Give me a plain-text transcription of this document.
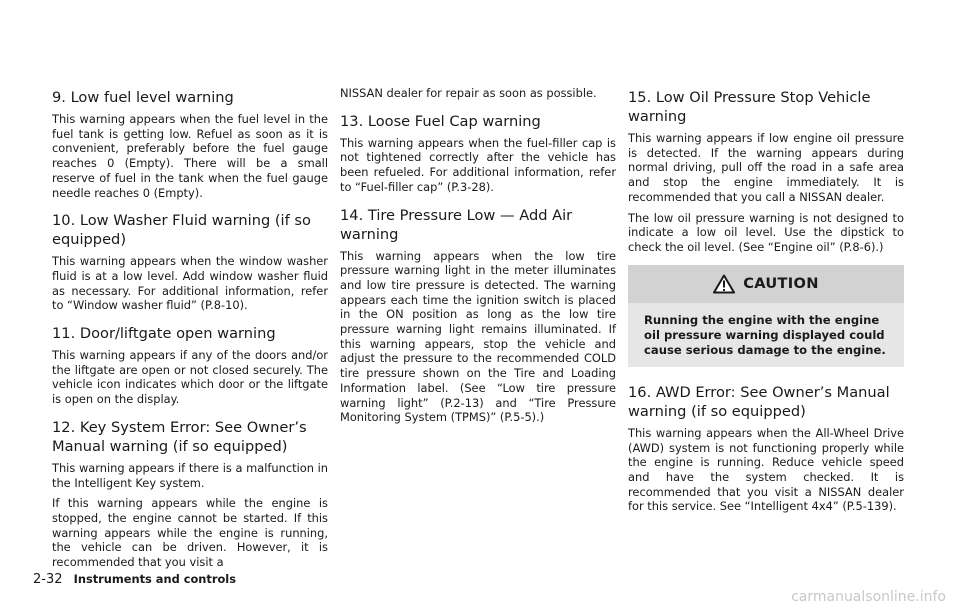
9. Low fuel level warning

This warning appears when the fuel level in the fuel tank is getting low. Refuel as soon as it is convenient, preferably before the fuel gauge reaches 0 (Empty). There will be a small reserve of fuel in the tank when the fuel gauge needle reaches 0 (Empty).

10. Low Washer Fluid warning (if so equipped)

This warning appears when the window washer fluid is at a low level. Add window washer fluid as necessary. For additional information, refer to “Window washer fluid” (P.8-10).

11. Door/liftgate open warning

This warning appears if any of the doors and/or the liftgate are open or not closed securely. The vehicle icon indicates which door or the liftgate is open on the display.

12. Key System Error: See Owner’s Manual warning (if so equipped)

This warning appears if there is a malfunction in the Intelligent Key system.

If this warning appears while the engine is stopped, the engine cannot be started. If this warning appears while the engine is running, the vehicle can be driven. However, it is recommended that you visit a

NISSAN dealer for repair as soon as possible.

13. Loose Fuel Cap warning

This warning appears when the fuel-filler cap is not tightened correctly after the vehicle has been refueled. For additional information, refer to “Fuel-filler cap” (P.3-28).

14. Tire Pressure Low — Add Air warning

This warning appears when the low tire pressure warning light in the meter illuminates and low tire pressure is detected. The warning appears each time the ignition switch is placed in the ON position as long as the low tire pressure warning light remains illuminated. If this warning appears, stop the vehicle and adjust the pressure to the recommended COLD tire pressure shown on the Tire and Loading Information label. (See “Low tire pressure warning light” (P.2-13) and “Tire Pressure Monitoring System (TPMS)” (P.5-5).)

15. Low Oil Pressure Stop Vehicle warning

This warning appears if low engine oil pressure is detected. If the warning appears during normal driving, pull off the road in a safe area and stop the engine immediately. It is recommended that you call a NISSAN dealer.

The low oil pressure warning is not designed to indicate a low oil level. Use the dipstick to check the oil level. (See “Engine oil” (P.8-6).)

CAUTION

Running the engine with the engine oil pressure warning displayed could cause serious damage to the engine.

16. AWD Error: See Owner’s Manual warning (if so equipped)

This warning appears when the All-Wheel Drive (AWD) system is not functioning properly while the engine is running. Reduce vehicle speed and have the system checked. It is recommended that you visit a NISSAN dealer for this service. See “Intelligent 4x4” (P.5-139).

2-32 Instruments and controls
carmanualsonline.info
